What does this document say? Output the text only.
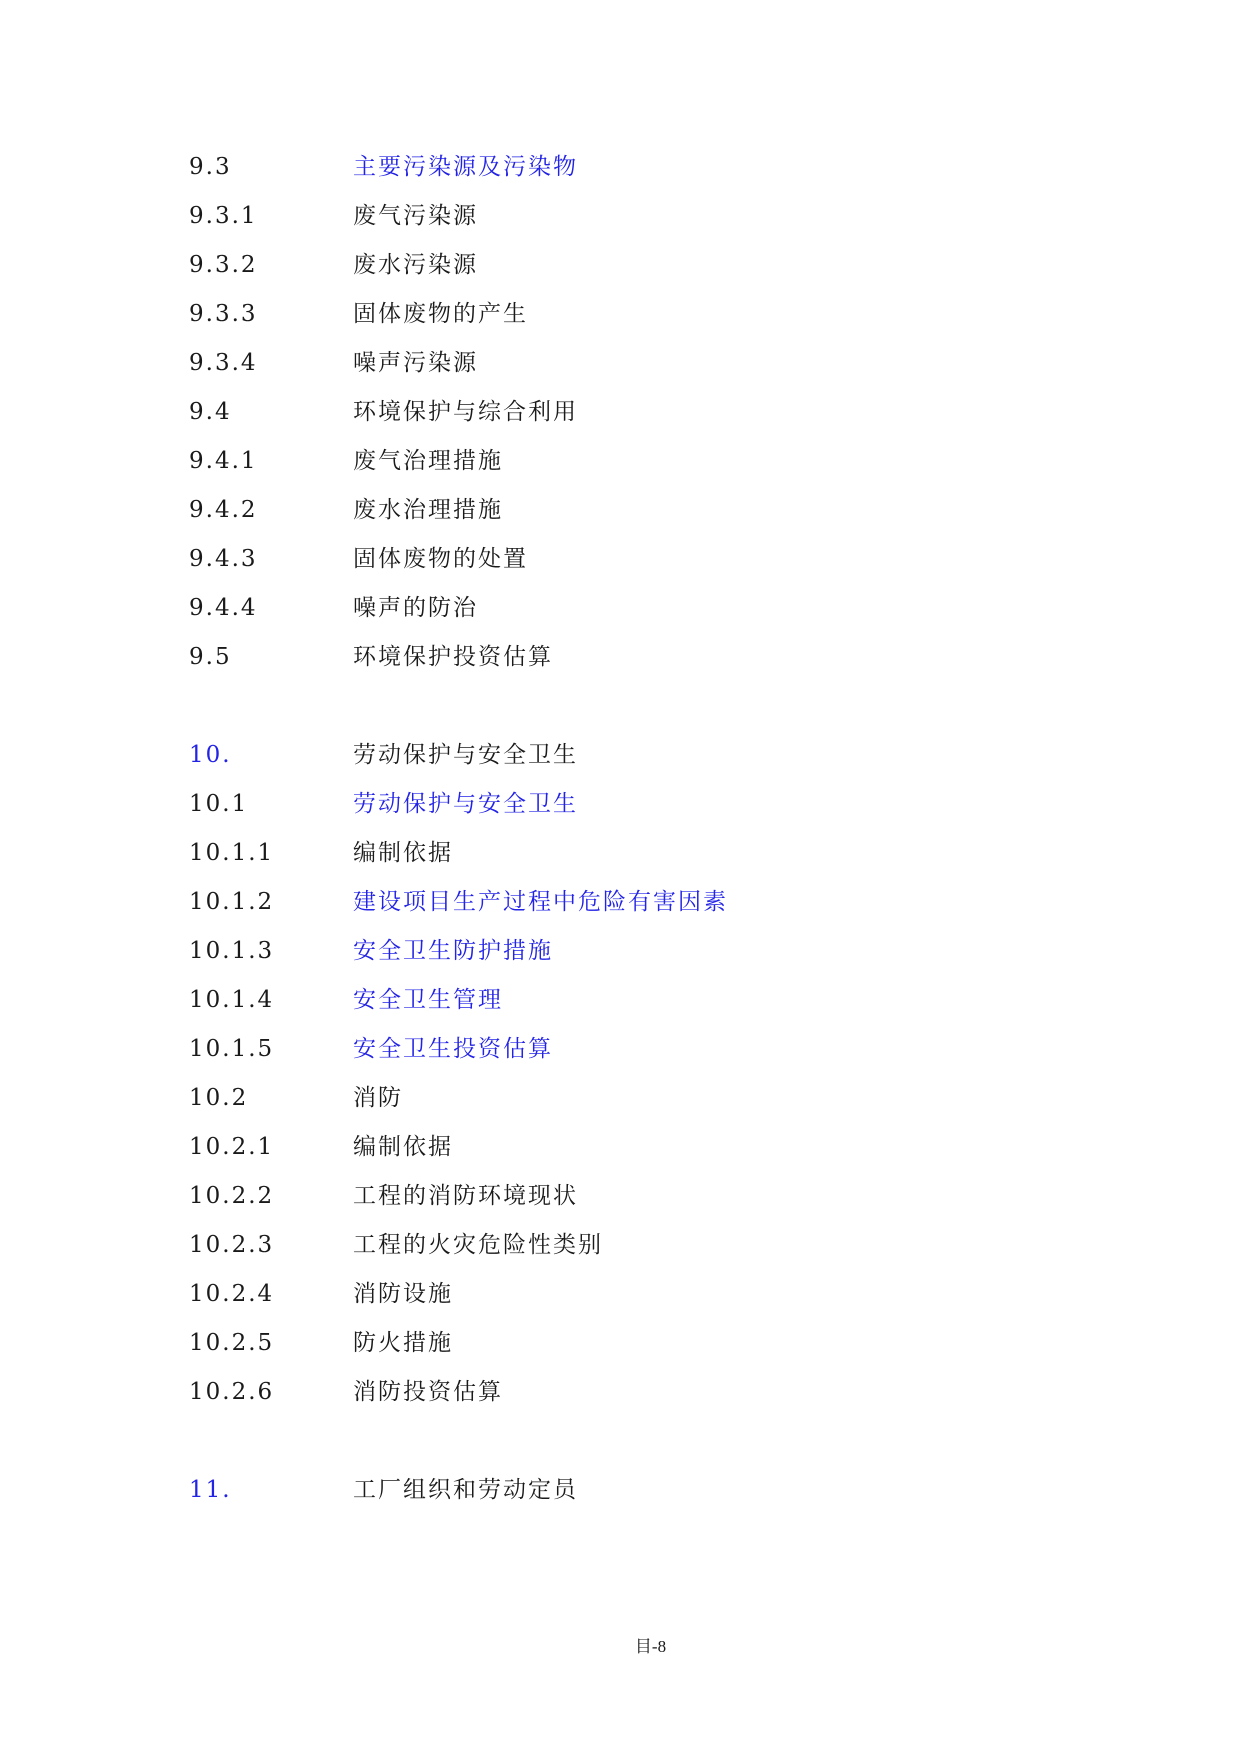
9.3	主要污染源及污染物
9.3.1	废气污染源
9.3.2	废水污染源
9.3.3	固体废物的产生
9.3.4	噪声污染源
9.4	环境保护与综合利用
9.4.1	废气治理措施
9.4.2	废水治理措施
9.4.3	固体废物的处置
9.4.4	噪声的防治
9.5	环境保护投资估算
10.	劳动保护与安全卫生
10.1	劳动保护与安全卫生
10.1.1	编制依据
10.1.2	建设项目生产过程中危险有害因素
10.1.3	安全卫生防护措施
10.1.4	安全卫生管理
10.1.5	安全卫生投资估算
10.2	消防
10.2.1	编制依据
10.2.2	工程的消防环境现状
10.2.3	工程的火灾危险性类别
10.2.4	消防设施
10.2.5	防火措施
10.2.6	消防投资估算
11.	工厂组织和劳动定员
目-8
